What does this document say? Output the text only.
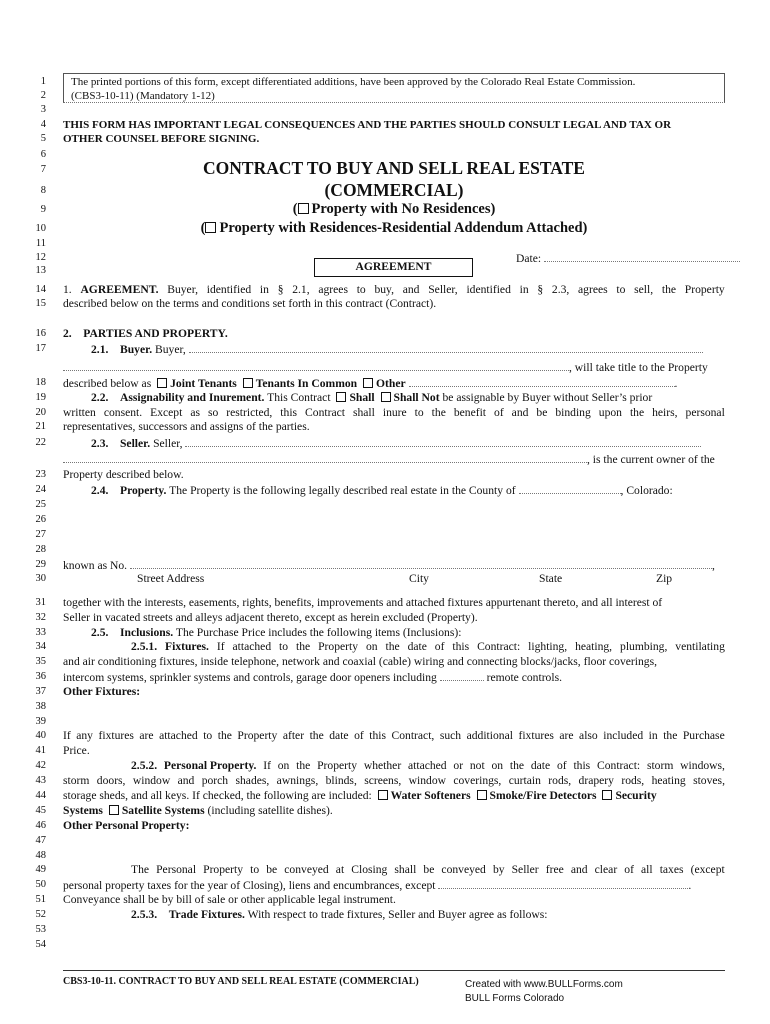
1
2
3
4
5
6
7
8
9
10
11
12
13
14
15
16
17
18
19
20
21
22
23
24
25
26
27
28
29
30
31
32
33
34
35
36
37
38
39
40
41
42
43
44
45
46
47
48
49
50
51
52
53
54
The printed portions of this form, except differentiated additions, have been approved by the Colorado Real Estate Commission.
(CBS3-10-11) (Mandatory 1-12)
THIS FORM HAS IMPORTANT LEGAL CONSEQUENCES AND THE PARTIES SHOULD CONSULT LEGAL AND TAX OR
OTHER COUNSEL BEFORE SIGNING.
CONTRACT TO BUY AND SELL REAL ESTATE
(COMMERCIAL)
( Property with No Residences)
( Property with Residences-Residential Addendum Attached)
Date:
AGREEMENT
1. AGREEMENT. Buyer, identified in § 2.1, agrees to buy, and Seller, identified in § 2.3, agrees to sell, the Property
described below on the terms and conditions set forth in this contract (Contract).
2.    PARTIES AND PROPERTY.
2.1. Buyer. Buyer,
, will take title to the Property
described below as Joint Tenants Tenants In Common Other	.
2.2. Assignability and Inurement. This Contract Shall Shall Not be assignable by Buyer without Seller’s prior
written consent. Except as so restricted, this Contract shall inure to the benefit of and be binding upon the heirs, personal
representatives, successors and assigns of the parties.
2.3. Seller. Seller,
, is the current owner of the
Property described below.
2.4. Property. The Property is the following legally described real estate in the County of	, Colorado:
known as No.	,
Street Address	City	State	Zip
together with the interests, easements, rights, benefits, improvements and attached fixtures appurtenant thereto, and all interest of
Seller in vacated streets and alleys adjacent thereto, except as herein excluded (Property).
2.5. Inclusions. The Purchase Price includes the following items (Inclusions):
2.5.1. Fixtures. If attached to the Property on the date of this Contract: lighting, heating, plumbing, ventilating
and air conditioning fixtures, inside telephone, network and coaxial (cable) wiring and connecting blocks/jacks, floor coverings,
intercom systems, sprinkler systems and controls, garage door openers including	remote controls.
Other Fixtures:
If any fixtures are attached to the Property after the date of this Contract, such additional fixtures are also included in the Purchase
Price.
2.5.2. Personal Property. If on the Property whether attached or not on the date of this Contract: storm windows,
storm doors, window and porch shades, awnings, blinds, screens, window coverings, curtain rods, drapery rods, heating stoves,
storage sheds, and all keys. If checked, the following are included: Water Softeners Smoke/Fire Detectors Security
Systems Satellite Systems (including satellite dishes).
Other Personal Property:
The Personal Property to be conveyed at Closing shall be conveyed by Seller free and clear of all taxes (except
personal property taxes for the year of Closing), liens and encumbrances, except	.
Conveyance shall be by bill of sale or other applicable legal instrument.
2.5.3. Trade Fixtures. With respect to trade fixtures, Seller and Buyer agree as follows:
CBS3-10-11. CONTRACT TO BUY AND SELL REAL ESTATE (COMMERCIAL)	Created with www.BULLForms.com
BULL Forms Colorado
